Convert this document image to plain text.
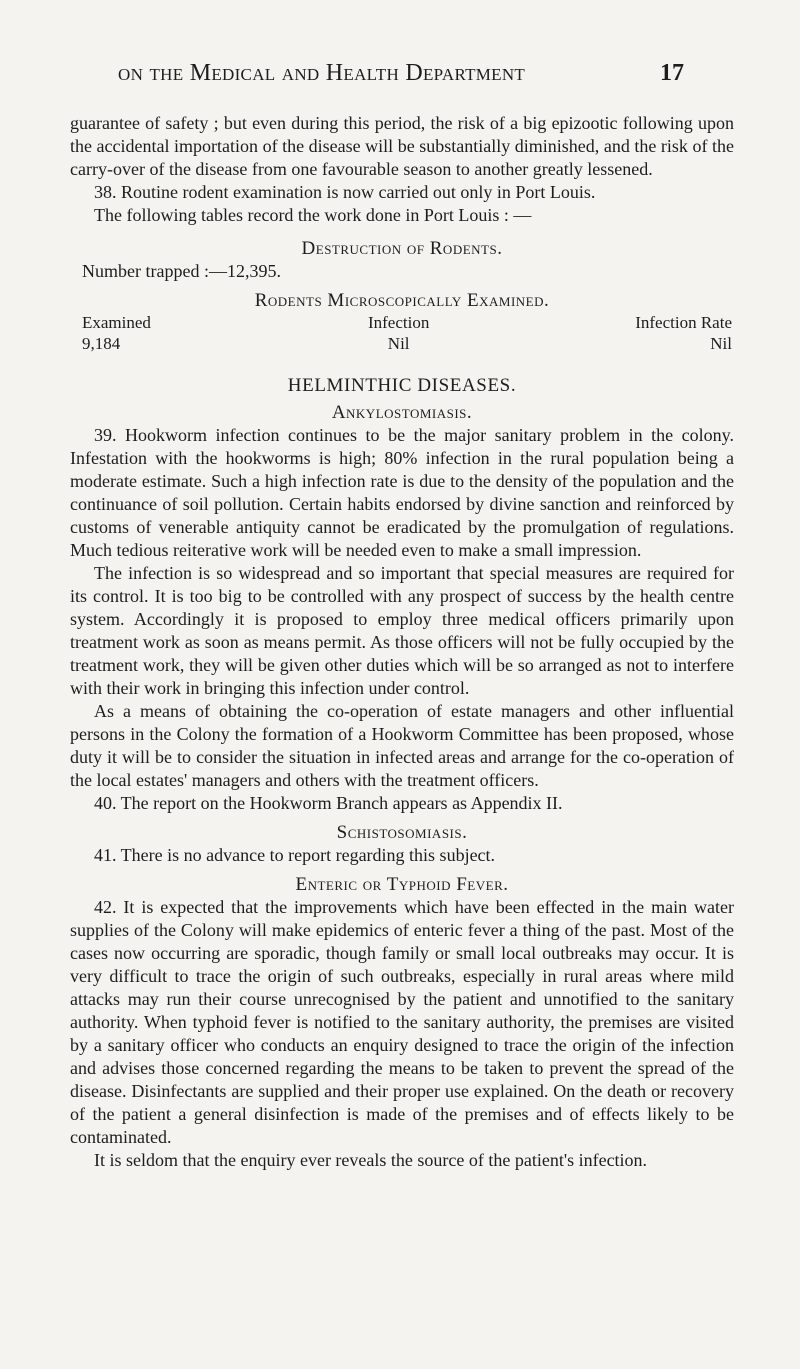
on the Medical and Health Department	17

guarantee of safety ; but even during this period, the risk of a big epizootic following upon the accidental importation of the disease will be substantially diminished, and the risk of the carry-over of the disease from one favourable season to another greatly lessened.

38. Routine rodent examination is now carried out only in Port Louis.

The following tables record the work done in Port Louis : —

Destruction of Rodents.

Number trapped :—12,395.

Rodents Microscopically Examined.

Examined	Infection	Infection Rate
9,184	Nil	Nil

HELMINTHIC DISEASES.

Ankylostomiasis.

39. Hookworm infection continues to be the major sanitary problem in the colony. Infestation with the hookworms is high; 80% infection in the rural population being a moderate estimate. Such a high infection rate is due to the density of the population and the continuance of soil pollution. Certain habits endorsed by divine sanction and reinforced by customs of venerable antiquity cannot be eradicated by the promulgation of regulations. Much tedious reiterative work will be needed even to make a small impression.

The infection is so widespread and so important that special measures are required for its control. It is too big to be controlled with any prospect of success by the health centre system. Accordingly it is proposed to employ three medical officers primarily upon treatment work as soon as means permit. As those officers will not be fully occupied by the treatment work, they will be given other duties which will be so arranged as not to interfere with their work in bringing this infection under control.

As a means of obtaining the co-operation of estate managers and other influential persons in the Colony the formation of a Hookworm Committee has been proposed, whose duty it will be to consider the situation in infected areas and arrange for the co-operation of the local estates' managers and others with the treatment officers.

40. The report on the Hookworm Branch appears as Appendix II.

Schistosomiasis.

41. There is no advance to report regarding this subject.

Enteric or Typhoid Fever.

42. It is expected that the improvements which have been effected in the main water supplies of the Colony will make epidemics of enteric fever a thing of the past. Most of the cases now occurring are sporadic, though family or small local outbreaks may occur. It is very difficult to trace the origin of such outbreaks, especially in rural areas where mild attacks may run their course unrecognised by the patient and unnotified to the sanitary authority. When typhoid fever is notified to the sanitary authority, the premises are visited by a sanitary officer who conducts an enquiry designed to trace the origin of the infection and advises those concerned regarding the means to be taken to prevent the spread of the disease. Disinfectants are supplied and their proper use explained. On the death or recovery of the patient a general disinfection is made of the premises and of effects likely to be contaminated.

It is seldom that the enquiry ever reveals the source of the patient's infection.
